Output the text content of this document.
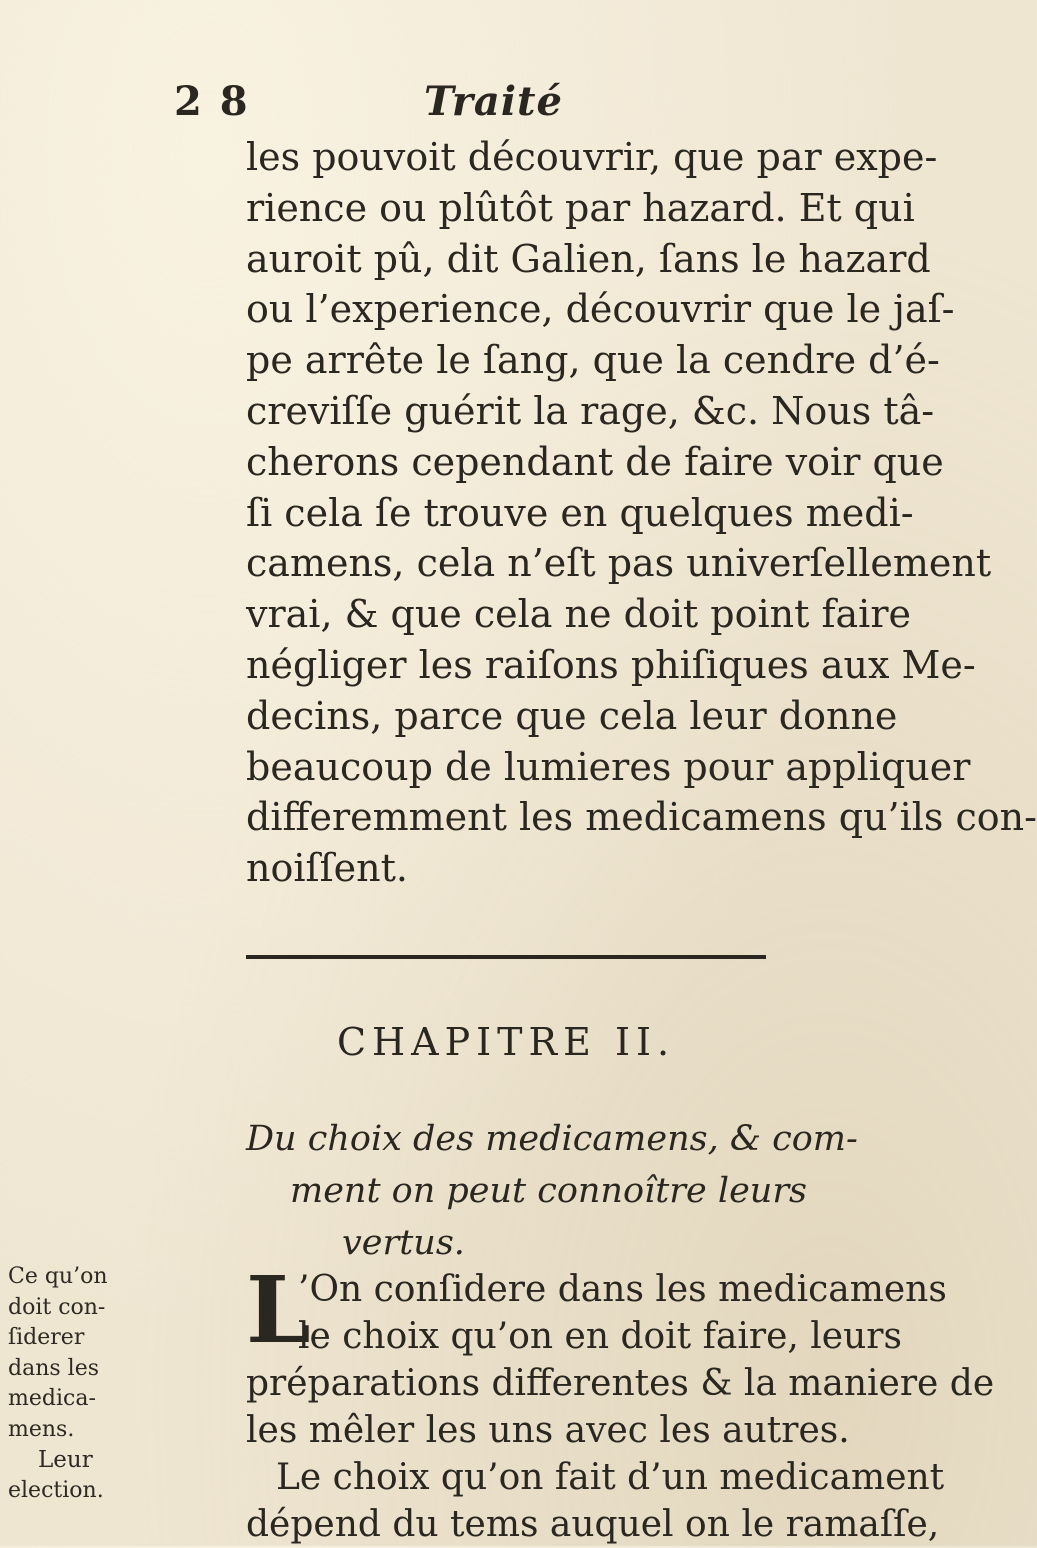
2 8	Traité
les pouvoit découvrir, que par expe-
rience ou plûtôt par hazard. Et qui
auroit pû, dit Galien, ſans le hazard
ou l’experience, découvrir que le jaſ-
pe arrête le ſang, que la cendre d’é-
creviſſe guérit la rage, &c. Nous tâ-
cherons cependant de faire voir que
ſi cela ſe trouve en quelques medi-
camens, cela n’eſt pas univerſellement
vrai, & que cela ne doit point faire
négliger les raiſons phiſiques aux Me-
decins, parce que cela leur donne
beaucoup de lumieres pour appliquer
differemment les medicamens qu’ils con-
noiſſent.
CHAPITRE II.
Du choix des medicamens, & com-
ment on peut connoître leurs
vertus.
L
’On conſidere dans les medicamens
le choix qu’on en doit faire, leurs
préparations differentes & la maniere de
les mêler les uns avec les autres.
Le choix qu’on fait d’un medicament
dépend du tems auquel on le ramaſſe,
Ce qu’on
doit con-
ſiderer
dans les
medica-
mens.
Leur
election.
